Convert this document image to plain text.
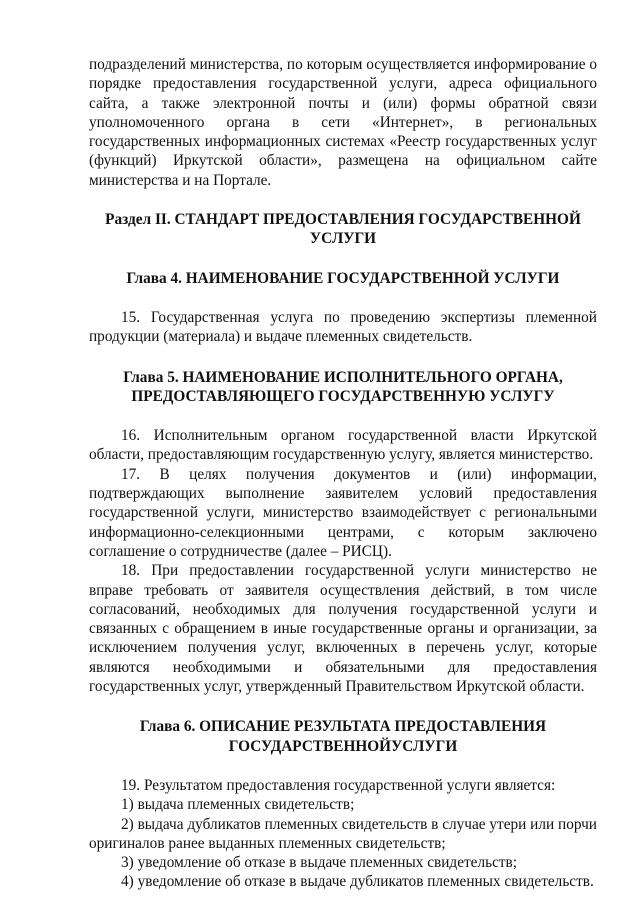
подразделений министерства, по которым осуществляется информирование о порядке предоставления государственной услуги, адреса официального сайта, а также электронной почты и (или) формы обратной связи уполномоченного органа в сети «Интернет», в региональных государственных информационных системах «Реестр государственных услуг (функций) Иркутской области», размещена на официальном сайте министерства и на Портале.

Раздел II. СТАНДАРТ ПРЕДОСТАВЛЕНИЯ ГОСУДАРСТВЕННОЙ УСЛУГИ
Глава 4. НАИМЕНОВАНИЕ ГОСУДАРСТВЕННОЙ УСЛУГИ

15. Государственная услуга по проведению экспертизы племенной продукции (материала) и выдаче племенных свидетельств.

Глава 5. НАИМЕНОВАНИЕ ИСПОЛНИТЕЛЬНОГО ОРГАНА,
ПРЕДОСТАВЛЯЮЩЕГО ГОСУДАРСТВЕННУЮ УСЛУГУ

16. Исполнительным органом государственной власти Иркутской области, предоставляющим государственную услугу, является министерство.

17. В целях получения документов и (или) информации, подтверждающих выполнение заявителем условий предоставления государственной услуги, министерство взаимодействует с региональными информационно-селекционными центрами, с которым заключено соглашение о сотрудничестве (далее – РИСЦ).

18. При предоставлении государственной услуги министерство не вправе требовать от заявителя осуществления действий, в том числе согласований, необходимых для получения государственной услуги и связанных с обращением в иные государственные органы и организации, за исключением получения услуг, включенных в перечень услуг, которые являются необходимыми и обязательными для предоставления государственных услуг, утвержденный Правительством Иркутской области.

Глава 6. ОПИСАНИЕ РЕЗУЛЬТАТА ПРЕДОСТАВЛЕНИЯ
ГОСУДАРСТВЕННОЙУСЛУГИ

19. Результатом предоставления государственной услуги является:

1) выдача племенных свидетельств;

2) выдача дубликатов племенных свидетельств в случае утери или порчи оригиналов ранее выданных племенных свидетельств;

3) уведомление об отказе в выдаче племенных свидетельств;

4) уведомление об отказе в выдаче дубликатов племенных свидетельств.
